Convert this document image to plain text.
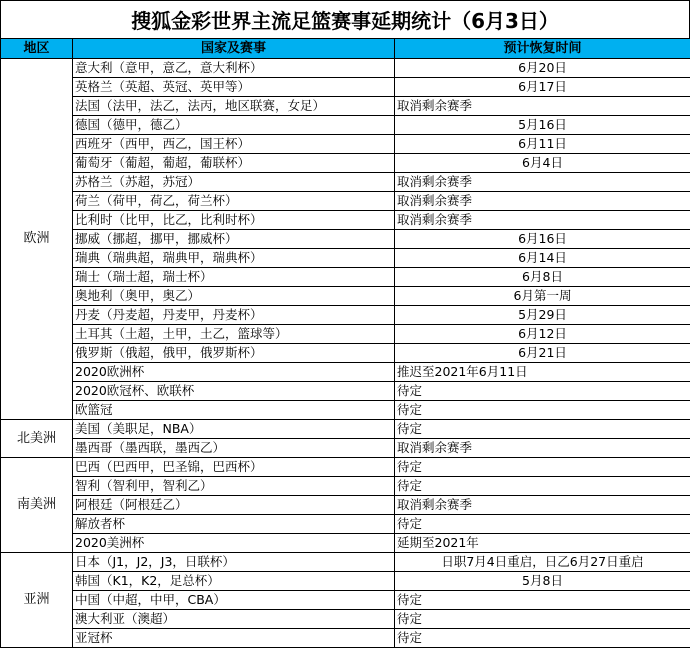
搜狐金彩世界主流足篮赛事延期统计（6月3日）
地区	国家及赛事	预计恢复时间
欧洲	意大利（意甲，意乙，意大利杯）	6月20日
	英格兰（英超、英冠、英甲等）	6月17日
	法国（法甲，法乙，法丙，地区联赛，女足）	取消剩余赛季
	德国（德甲，德乙）	5月16日
	西班牙（西甲，西乙，国王杯）	6月11日
	葡萄牙（葡超，葡超，葡联杯）	6月4日
	苏格兰（苏超，苏冠）	取消剩余赛季
	荷兰（荷甲，荷乙，荷兰杯）	取消剩余赛季
	比利时（比甲，比乙，比利时杯）	取消剩余赛季
	挪威（挪超，挪甲，挪威杯）	6月16日
	瑞典（瑞典超，瑞典甲，瑞典杯）	6月14日
	瑞士（瑞士超，瑞士杯）	6月8日
	奥地利（奥甲，奥乙）	6月第一周
	丹麦（丹麦超，丹麦甲，丹麦杯）	5月29日
	土耳其（土超，土甲，土乙，篮球等）	6月12日
	俄罗斯（俄超，俄甲，俄罗斯杯）	6月21日
	2020欧洲杯	推迟至2021年6月11日
	2020欧冠杯、欧联杯	待定
	欧篮冠	待定
北美洲	美国（美职足，NBA）	待定
	墨西哥（墨西联，墨西乙）	取消剩余赛季
南美洲	巴西（巴西甲，巴圣锦，巴西杯）	待定
	智利（智利甲，智利乙）	待定
	阿根廷（阿根廷乙）	取消剩余赛季
	解放者杯	待定
	2020美洲杯	延期至2021年
亚洲	日本（J1，J2，J3，日联杯）	日职7月4日重启，日乙6月27日重启
	韩国（K1，K2，足总杯）	5月8日
	中国（中超，中甲，CBA）	待定
	澳大利亚（澳超）	待定
	亚冠杯	待定
